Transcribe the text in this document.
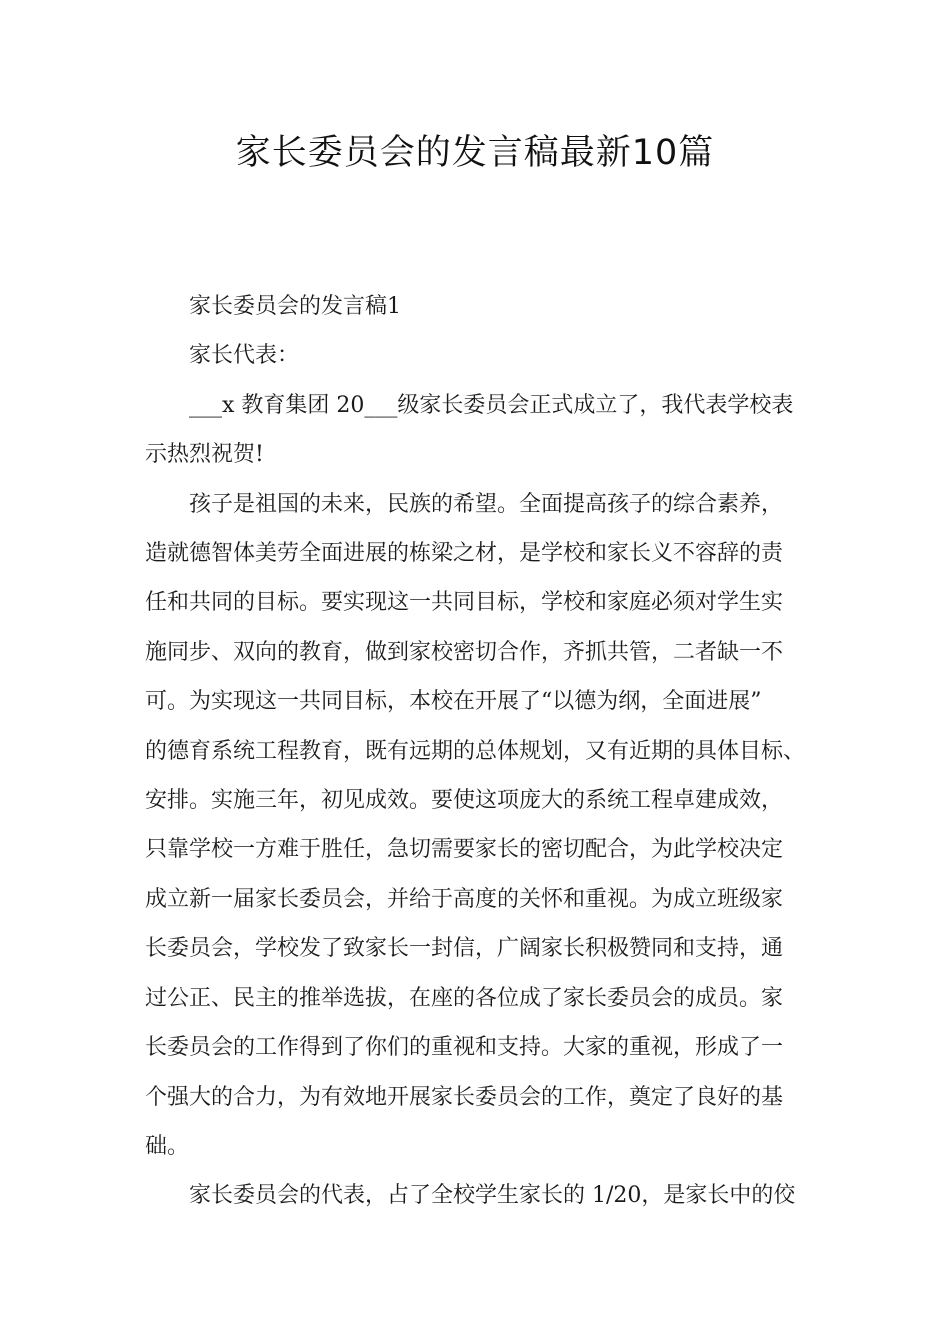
家长委员会的发言稿最新10篇

家长委员会的发言稿1

家长代表：

___x 教育集团 20___级家长委员会正式成立了，我代表学校表
示热烈祝贺!
孩子是祖国的未来，民族的希望。全面提高孩子的综合素养，
造就德智体美劳全面进展的栋梁之材，是学校和家长义不容辞的责
任和共同的目标。要实现这一共同目标，学校和家庭必须对学生实
施同步、双向的教育，做到家校密切合作，齐抓共管，二者缺一不
可。为实现这一共同目标，本校在开展了“以德为纲，全面进展”
的德育系统工程教育，既有远期的总体规划，又有近期的具体目标、
安排。实施三年，初见成效。要使这项庞大的系统工程卓建成效，
只靠学校一方难于胜任，急切需要家长的密切配合，为此学校决定
成立新一届家长委员会，并给于高度的关怀和重视。为成立班级家
长委员会，学校发了致家长一封信，广阔家长积极赞同和支持，通
过公正、民主的推举选拔，在座的各位成了家长委员会的成员。家
长委员会的工作得到了你们的重视和支持。大家的重视，形成了一
个强大的合力，为有效地开展家长委员会的工作，奠定了良好的基
础。
家长委员会的代表，占了全校学生家长的 1/20，是家长中的佼
